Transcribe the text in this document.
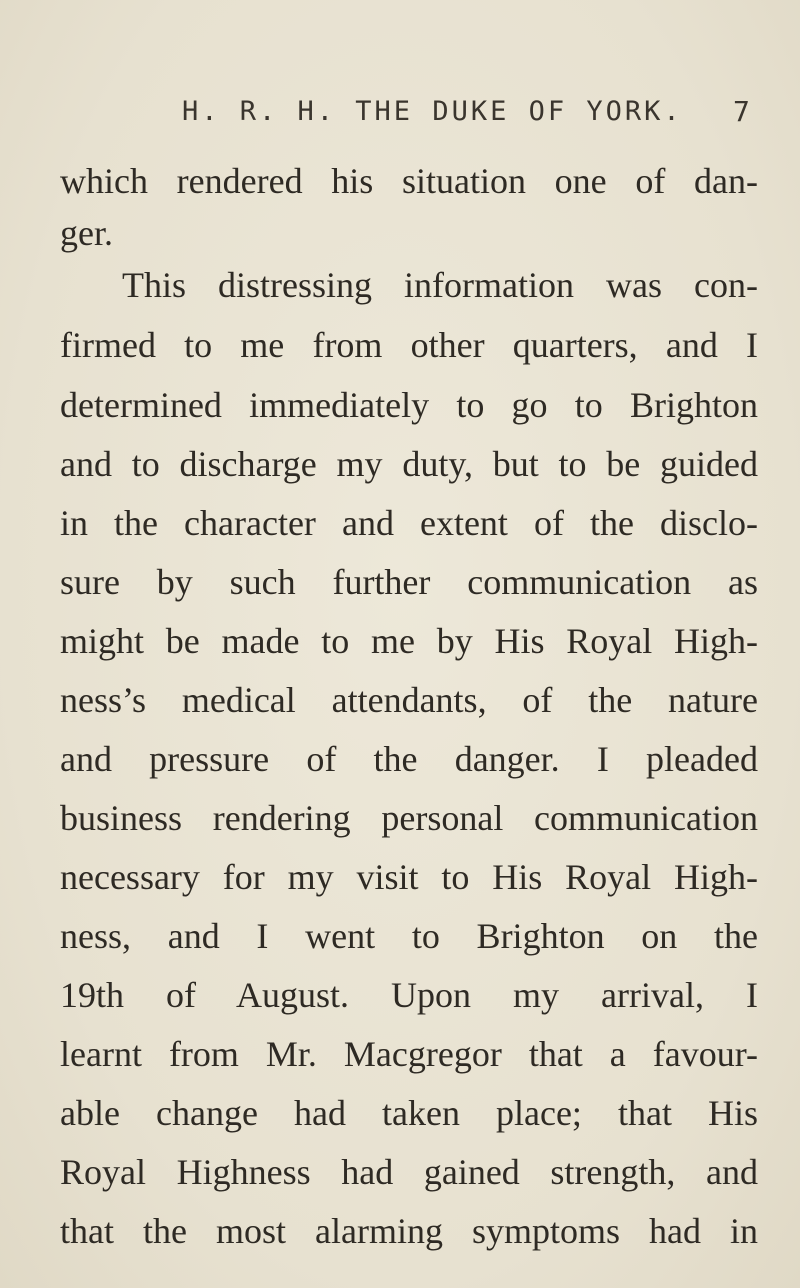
H. R. H. THE DUKE OF YORK. 7
which rendered his situation one of dan-
ger.
This distressing information was con-
firmed to me from other quarters, and I
determined immediately to go to Brighton
and to discharge my duty, but to be guided
in the character and extent of the disclo-
sure by such further communication as
might be made to me by His Royal High-
ness’s medical attendants, of the nature
and pressure of the danger. I pleaded
business rendering personal communication
necessary for my visit to His Royal High-
ness, and I went to Brighton on the
19th of August. Upon my arrival, I
learnt from Mr. Macgregor that a favour-
able change had taken place; that His
Royal Highness had gained strength, and
that the most alarming symptoms had in
